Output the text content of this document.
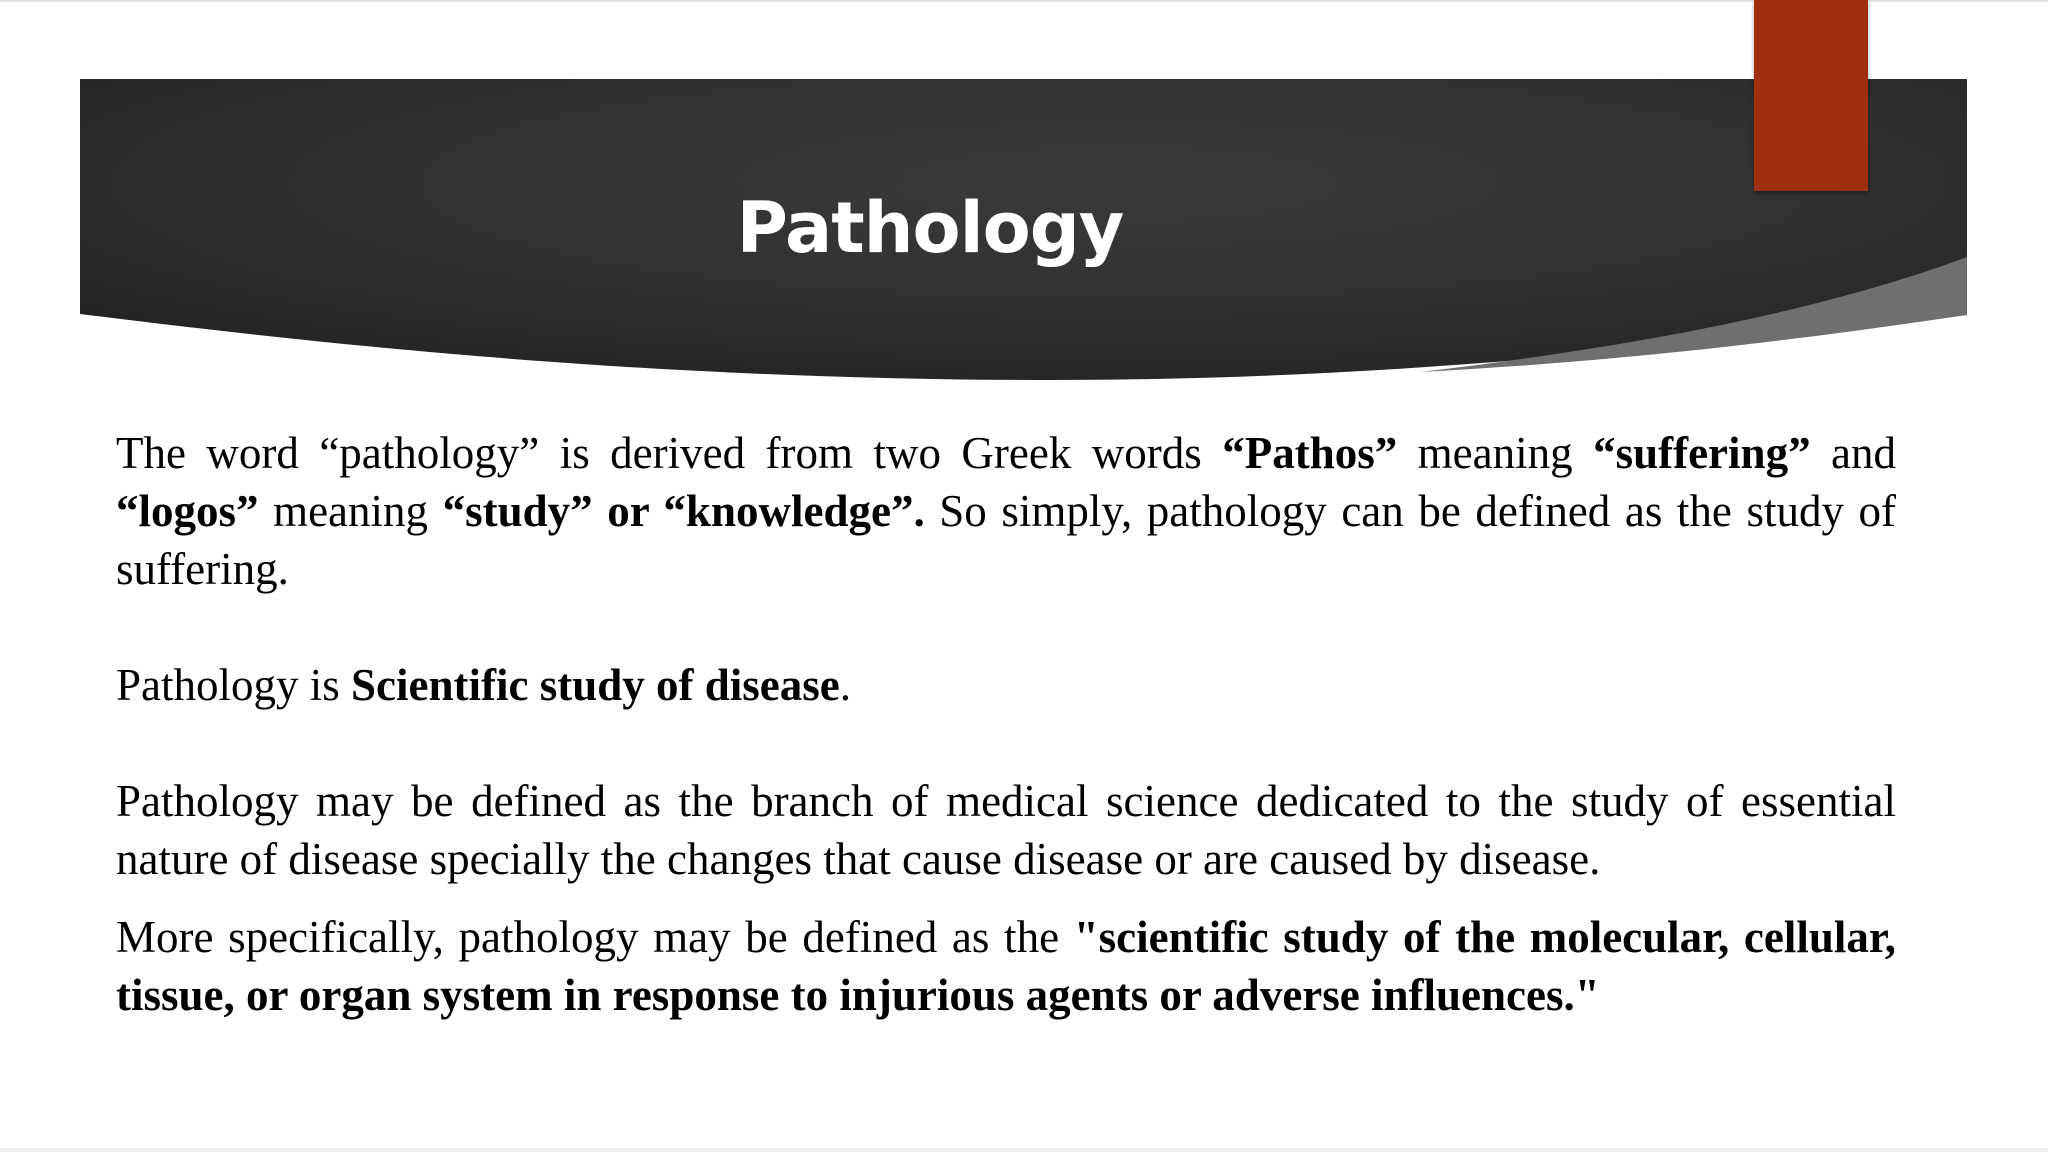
Pathology

The word “pathology” is derived from two Greek words “Pathos” meaning “suffering” and “logos” meaning “study” or “knowledge”. So simply, pathology can be defined as the study of suffering.

Pathology is Scientific study of disease.

Pathology may be defined as the branch of medical science dedicated to the study of essential nature of disease specially the changes that cause disease or are caused by disease.

More specifically, pathology may be defined as the "scientific study of the molecular, cellular, tissue, or organ system in response to injurious agents or adverse influences."
